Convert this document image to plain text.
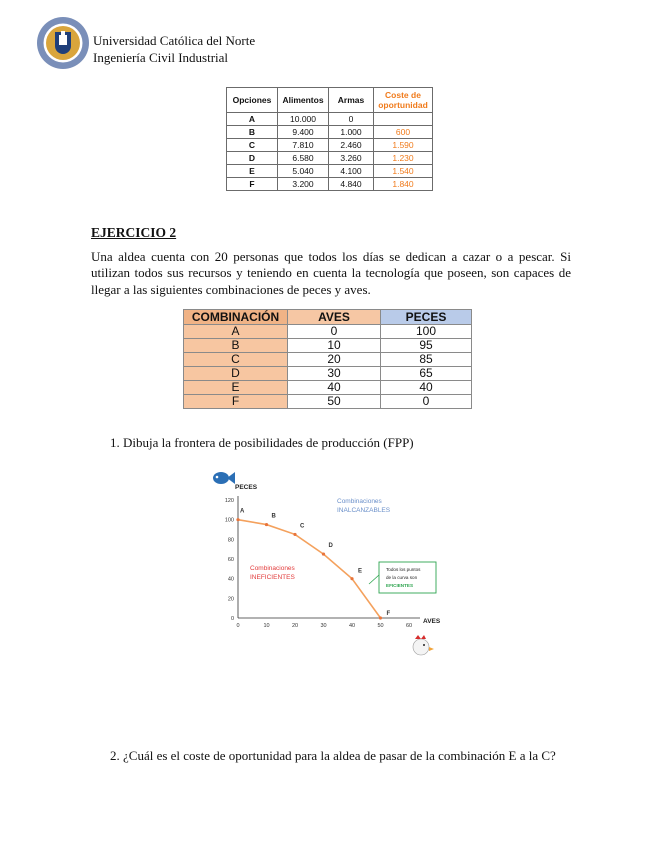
Universidad Católica del Norte
Ingeniería Civil Industrial
Opciones	Alimentos	Armas	Coste de oportunidad
A	10.000	0	
B	9.400	1.000	600
C	7.810	2.460	1.590
D	6.580	3.260	1.230
E	5.040	4.100	1.540
F	3.200	4.840	1.840
EJERCICIO 2
Una aldea cuenta con 20 personas que todos los días se dedican a cazar o a pescar. Si utilizan todos sus recursos y teniendo en cuenta la tecnología que poseen, son capaces de llegar a las siguientes combinaciones de peces y aves.
COMBINACIÓN	AVES	PECES
A	0	100
B	10	95
C	20	85
D	30	65
E	40	40
F	50	0
1. Dibuja la frontera de posibilidades de producción (FPP)
PECES
AVES
0
20
40
60
80
100
120
0	10	20	30	40	50	60
A
B
C
D
E
F
Combinaciones
INALCANZABLES
Combinaciones
INEFICIENTES
Todos los puntos
de la curva son
EFICIENTES
2. ¿Cuál es el coste de oportunidad para la aldea de pasar de la combinación E a la C?
